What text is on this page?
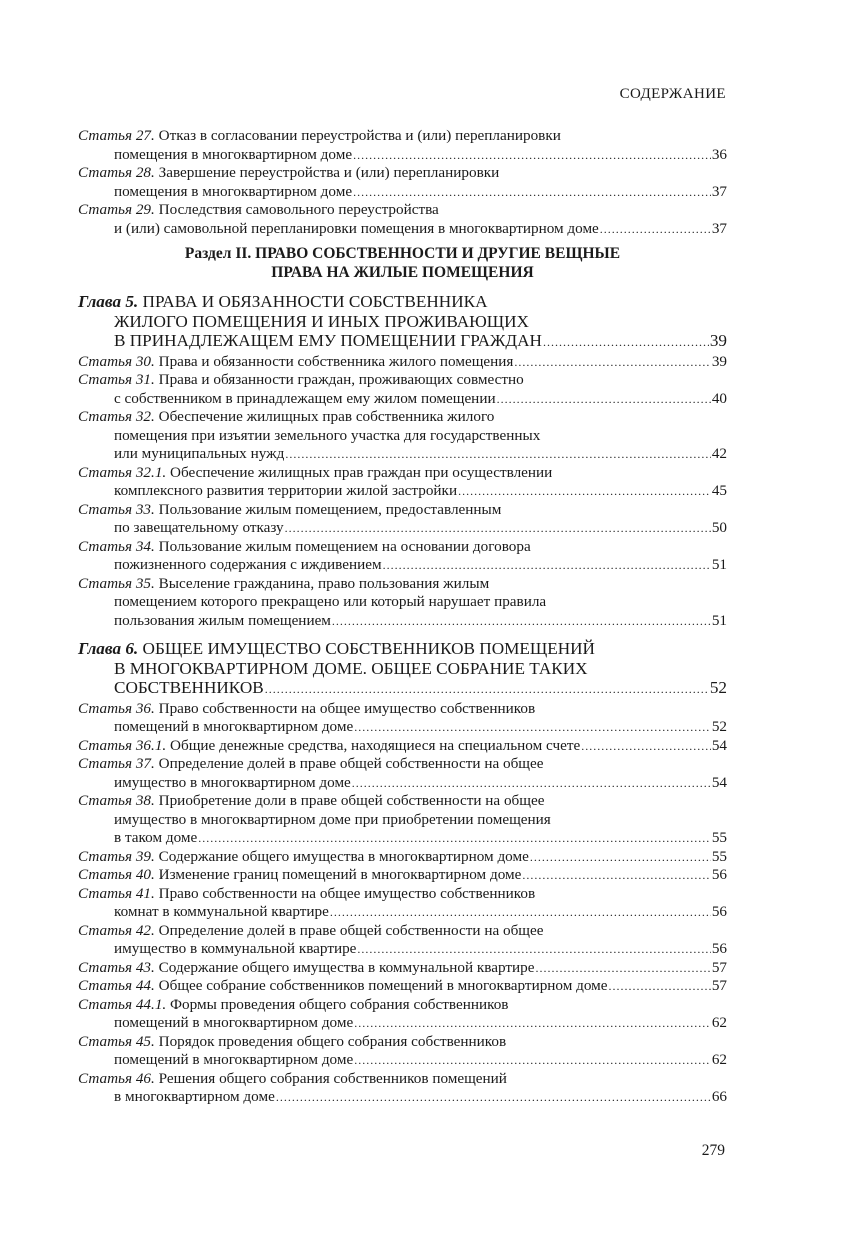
СОДЕРЖАНИЕ
Статья 27. Отказ в согласовании переустройства и (или) перепланировки
помещения в многоквартирном доме .....	36
Статья 28. Завершение переустройства и (или) перепланировки
помещения в многоквартирном доме .....	37
Статья 29. Последствия самовольного переустройства
и (или) самовольной перепланировки помещения в многоквартирном доме .....	37
Раздел II. ПРАВО СОБСТВЕННОСТИ И ДРУГИЕ ВЕЩНЫЕ
ПРАВА НА ЖИЛЫЕ ПОМЕЩЕНИЯ
Глава 5. ПРАВА И ОБЯЗАННОСТИ СОБСТВЕННИКА
ЖИЛОГО ПОМЕЩЕНИЯ И ИНЫХ ПРОЖИВАЮЩИХ
В ПРИНАДЛЕЖАЩЕМ ЕМУ ПОМЕЩЕНИИ ГРАЖДАН .....	39
Статья 30. Права и обязанности собственника жилого помещения .....	39
Статья 31. Права и обязанности граждан, проживающих совместно
с собственником в принадлежащем ему жилом помещении .....	40
Статья 32. Обеспечение жилищных прав собственника жилого
помещения при изъятии земельного участка для государственных
или муниципальных нужд .....	42
Статья 32.1. Обеспечение жилищных прав граждан при осуществлении
комплексного развития территории жилой застройки .....	45
Статья 33. Пользование жилым помещением, предоставленным
по завещательному отказу .....	50
Статья 34. Пользование жилым помещением на основании договора
пожизненного содержания с иждивением .....	51
Статья 35. Выселение гражданина, право пользования жилым
помещением которого прекращено или который нарушает правила
пользования жилым помещением .....	51
Глава 6. ОБЩЕЕ ИМУЩЕСТВО СОБСТВЕННИКОВ ПОМЕЩЕНИЙ
В МНОГОКВАРТИРНОМ ДОМЕ. ОБЩЕЕ СОБРАНИЕ ТАКИХ
СОБСТВЕННИКОВ .....	52
Статья 36. Право собственности на общее имущество собственников
помещений в многоквартирном доме .....	52
Статья 36.1. Общие денежные средства, находящиеся на специальном счете .....	54
Статья 37. Определение долей в праве общей собственности на общее
имущество в многоквартирном доме .....	54
Статья 38. Приобретение доли в праве общей собственности на общее
имущество в многоквартирном доме при приобретении помещения
в таком доме .....	55
Статья 39. Содержание общего имущества в многоквартирном доме .....	55
Статья 40. Изменение границ помещений в многоквартирном доме .....	56
Статья 41. Право собственности на общее имущество собственников
комнат в коммунальной квартире .....	56
Статья 42. Определение долей в праве общей собственности на общее
имущество в коммунальной квартире .....	56
Статья 43. Содержание общего имущества в коммунальной квартире .....	57
Статья 44. Общее собрание собственников помещений в многоквартирном доме .....	57
Статья 44.1. Формы проведения общего собрания собственников
помещений в многоквартирном доме .....	62
Статья 45. Порядок проведения общего собрания собственников
помещений в многоквартирном доме .....	62
Статья 46. Решения общего собрания собственников помещений
в многоквартирном доме .....	66
279
